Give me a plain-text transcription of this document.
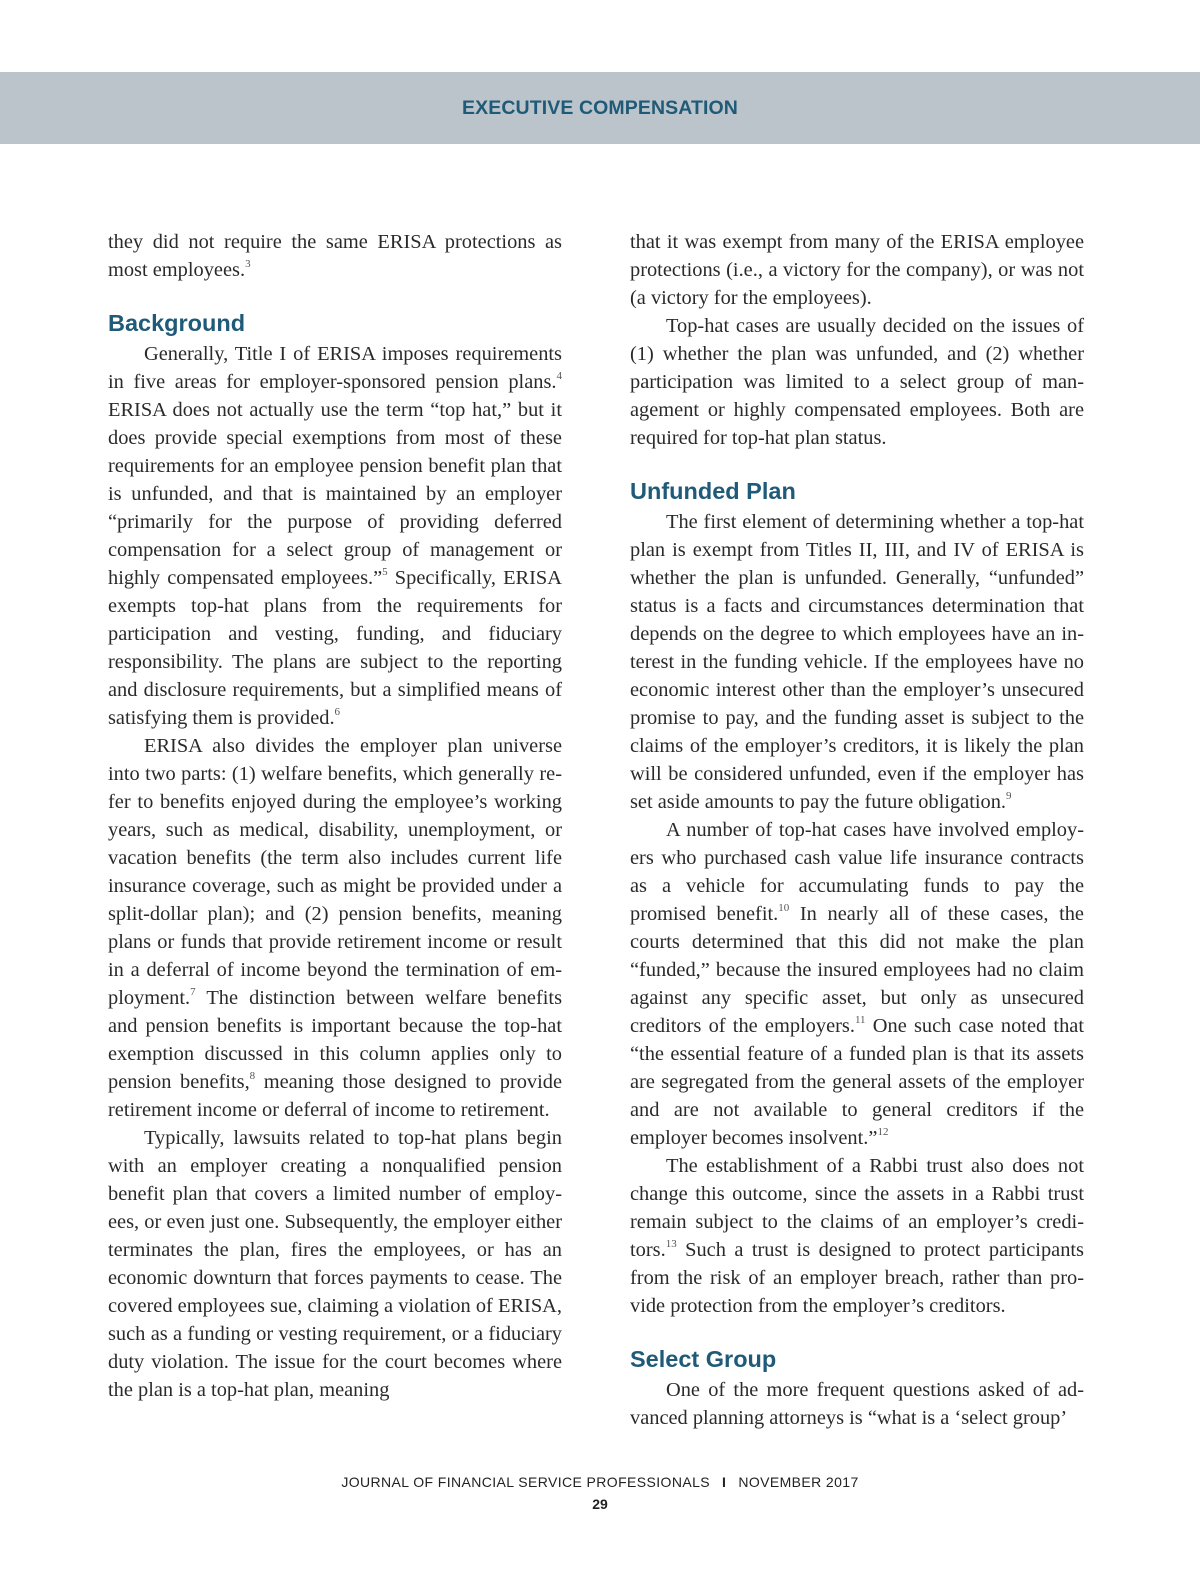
EXECUTIVE COMPENSATION

they did not require the same ERISA protections as most employees.$^3$

Background

Generally, Title I of ERISA imposes requirements in five areas for employer-sponsored pension plans.$^4$ ERISA does not actually use the term “top hat,” but it does provide special exemptions from most of these requirements for an employee pension benefit plan that is unfunded, and that is maintained by an employer “primarily for the purpose of providing deferred compensation for a select group of management or highly compensated employees.”$^5$ Specifically, ERISA exempts top-hat plans from the requirements for participation and vesting, funding, and fiduciary responsibility. The plans are subject to the reporting and disclosure requirements, but a simplified means of satisfying them is provided.$^6$

ERISA also divides the employer plan universe into two parts: (1) welfare benefits, which generally refer to benefits enjoyed during the employee’s working years, such as medical, disability, unemployment, or vacation benefits (the term also includes current life insurance coverage, such as might be provided under a split-dollar plan); and (2) pension benefits, meaning plans or funds that provide retirement income or result in a deferral of income beyond the termination of employment.$^7$ The distinction between welfare benefits and pension benefits is important because the top-hat exemption discussed in this column applies only to pension benefits,$^8$ meaning those designed to provide retirement income or deferral of income to retirement.

Typically, lawsuits related to top-hat plans begin with an employer creating a nonqualified pension benefit plan that covers a limited number of employees, or even just one. Subsequently, the employer either terminates the plan, fires the employees, or has an economic downturn that forces payments to cease. The covered employees sue, claiming a violation of ERISA, such as a funding or vesting requirement, or a fiduciary duty violation. The issue for the court becomes where the plan is a top-hat plan, meaning

that it was exempt from many of the ERISA employee protections (i.e., a victory for the company), or was not (a victory for the employees).

Top-hat cases are usually decided on the issues of (1) whether the plan was unfunded, and (2) whether participation was limited to a select group of management or highly compensated employees. Both are required for top-hat plan status.

Unfunded Plan

The first element of determining whether a top-hat plan is exempt from Titles II, III, and IV of ERISA is whether the plan is unfunded. Generally, “unfunded” status is a facts and circumstances determination that depends on the degree to which employees have an interest in the funding vehicle. If the employees have no economic interest other than the employer’s unsecured promise to pay, and the funding asset is subject to the claims of the employer’s creditors, it is likely the plan will be considered unfunded, even if the employer has set aside amounts to pay the future obligation.$^9$

A number of top-hat cases have involved employers who purchased cash value life insurance contracts as a vehicle for accumulating funds to pay the promised benefit.$^{10}$ In nearly all of these cases, the courts determined that this did not make the plan “funded,” because the insured employees had no claim against any specific asset, but only as unsecured creditors of the employers.$^{11}$ One such case noted that “the essential feature of a funded plan is that its assets are segregated from the general assets of the employer and are not available to general creditors if the employer becomes insolvent.”$^{12}$

The establishment of a Rabbi trust also does not change this outcome, since the assets in a Rabbi trust remain subject to the claims of an employer’s creditors.$^{13}$ Such a trust is designed to protect participants from the risk of an employer breach, rather than provide protection from the employer’s creditors.

Select Group

One of the more frequent questions asked of advanced planning attorneys is “what is a ‘select group’

JOURNAL OF FINANCIAL SERVICE PROFESSIONALS I NOVEMBER 2017
29
